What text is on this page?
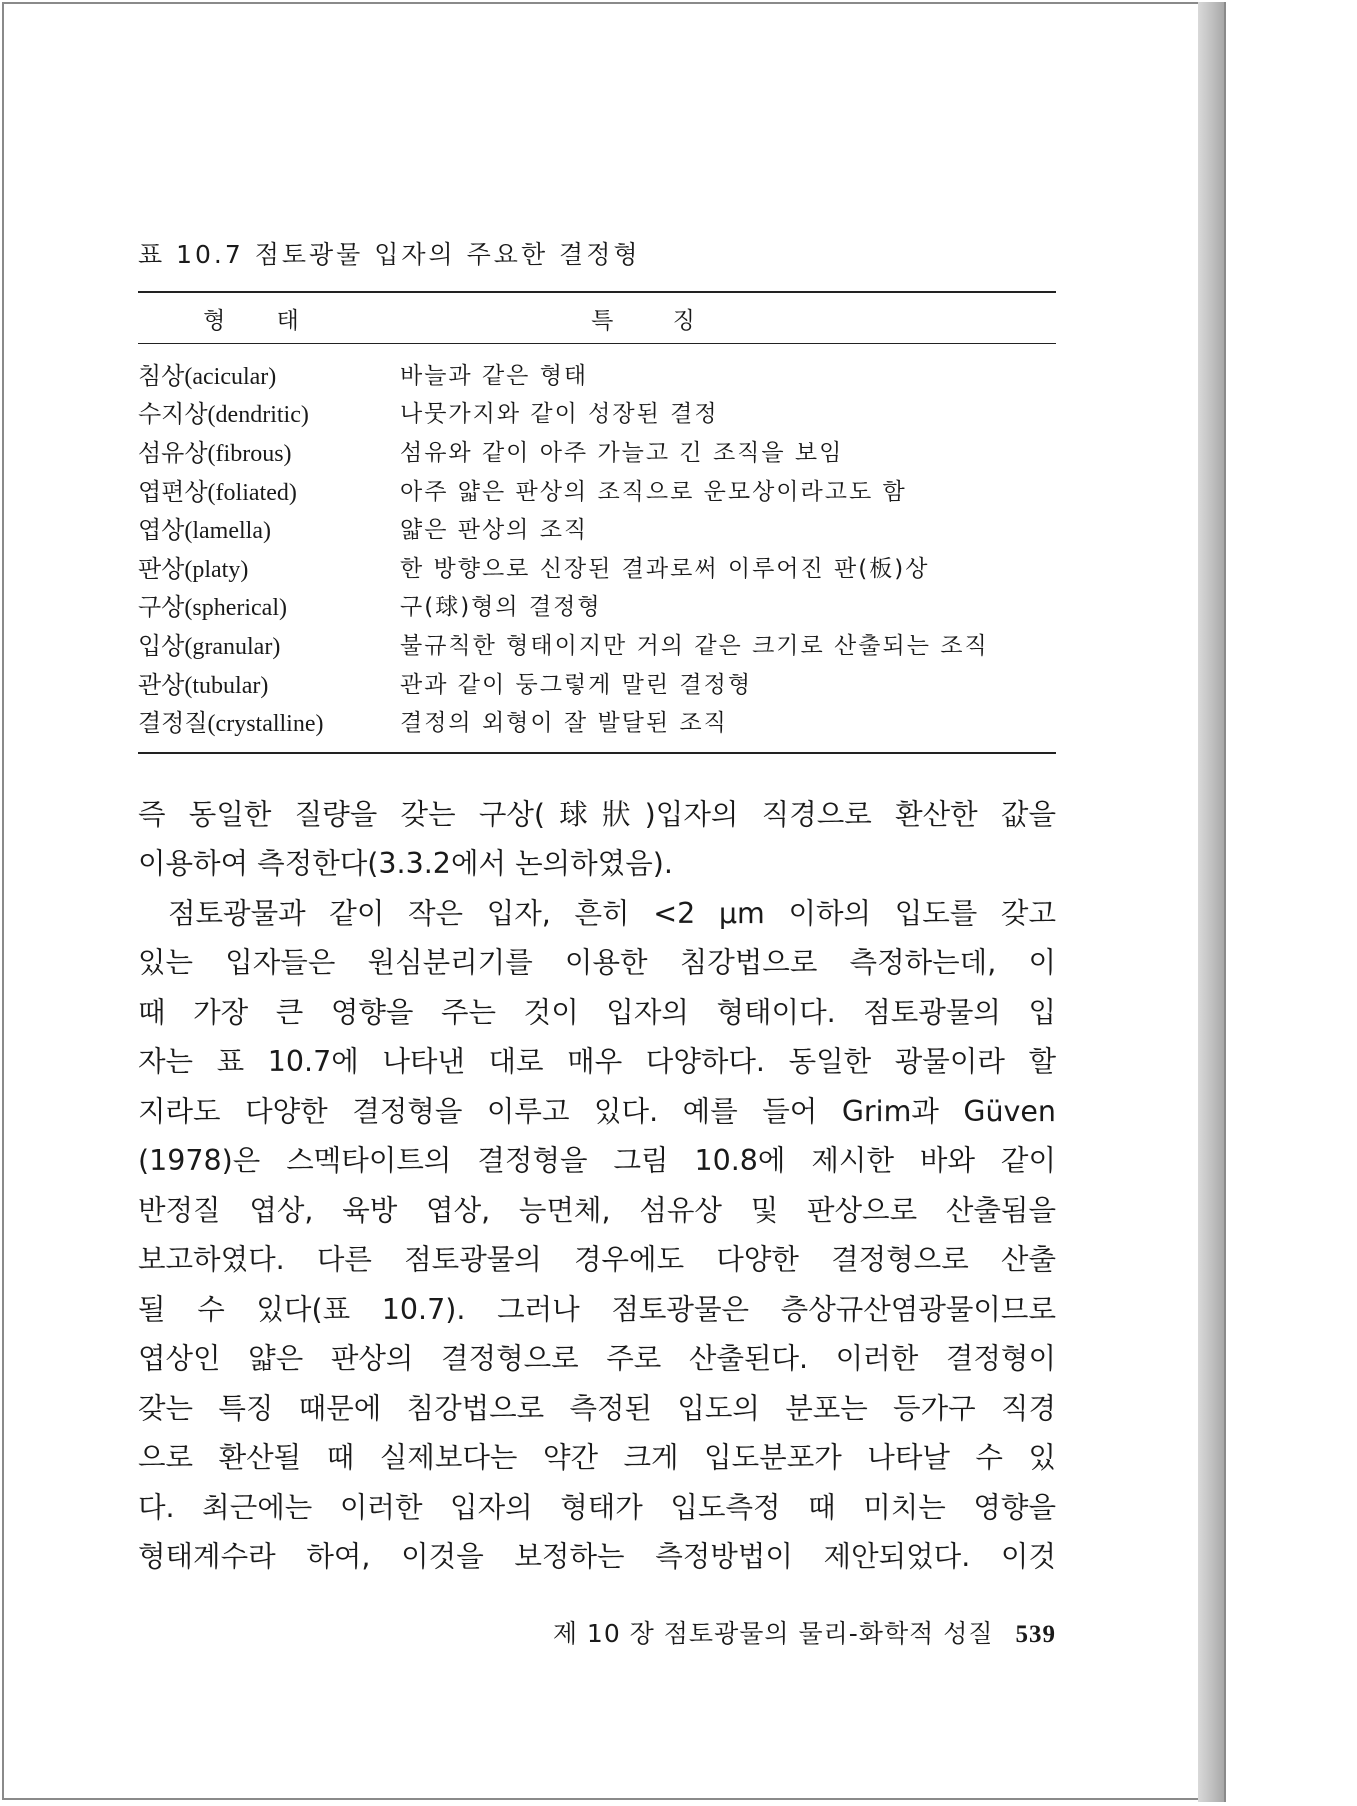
표 10.7 점토광물 입자의 주요한 결정형
형 태	특 징
침상(acicular)	바늘과 같은 형태
수지상(dendritic)	나뭇가지와 같이 성장된 결정
섬유상(fibrous)	섬유와 같이 아주 가늘고 긴 조직을 보임
엽편상(foliated)	아주 얇은 판상의 조직으로 운모상이라고도 함
엽상(lamella)	얇은 판상의 조직
판상(platy)	한 방향으로 신장된 결과로써 이루어진 판(板)상
구상(spherical)	구(球)형의 결정형
입상(granular)	불규칙한 형태이지만 거의 같은 크기로 산출되는 조직
관상(tubular)	관과 같이 둥그렇게 말린 결정형
결정질(crystalline)	결정의 외형이 잘 발달된 조직
즉 동일한 질량을 갖는 구상(球狀)입자의 직경으로 환산한 값을
이용하여 측정한다(3.3.2에서 논의하였음).
점토광물과 같이 작은 입자, 흔히 <2 μm 이하의 입도를 갖고
있는 입자들은 원심분리기를 이용한 침강법으로 측정하는데, 이
때 가장 큰 영향을 주는 것이 입자의 형태이다. 점토광물의 입
자는 표 10.7에 나타낸 대로 매우 다양하다. 동일한 광물이라 할
지라도 다양한 결정형을 이루고 있다. 예를 들어 Grim과 Güven
(1978)은 스멕타이트의 결정형을 그림 10.8에 제시한 바와 같이
반정질 엽상, 육방 엽상, 능면체, 섬유상 및 판상으로 산출됨을
보고하였다. 다른 점토광물의 경우에도 다양한 결정형으로 산출
될 수 있다(표 10.7). 그러나 점토광물은 층상규산염광물이므로
엽상인 얇은 판상의 결정형으로 주로 산출된다. 이러한 결정형이
갖는 특징 때문에 침강법으로 측정된 입도의 분포는 등가구 직경
으로 환산될 때 실제보다는 약간 크게 입도분포가 나타날 수 있
다. 최근에는 이러한 입자의 형태가 입도측정 때 미치는 영향을
형태계수라 하여, 이것을 보정하는 측정방법이 제안되었다. 이것
제 10 장 점토광물의 물리-화학적 성질 539
